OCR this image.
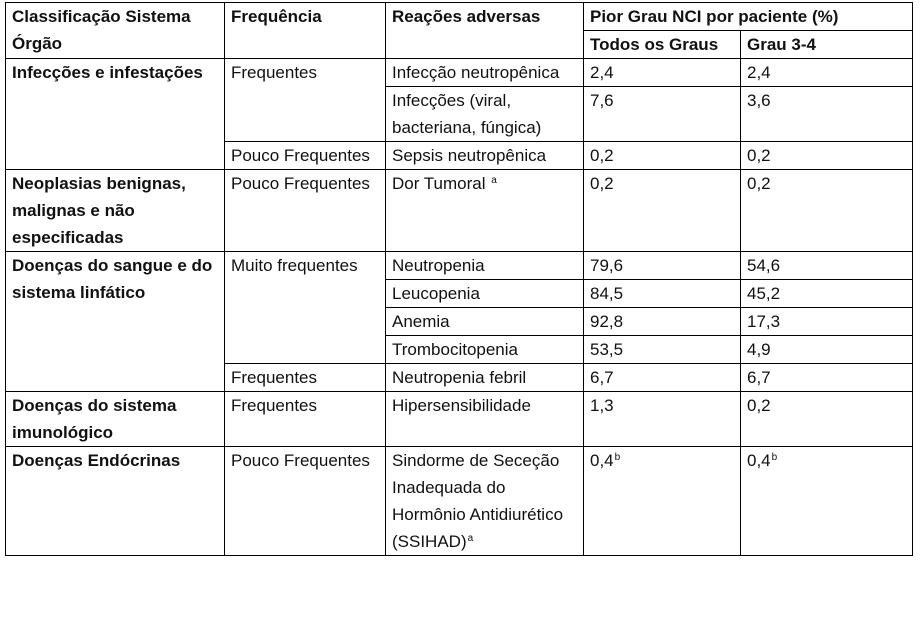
Classificação Sistema Órgão	Frequência	Reações adversas	Pior Grau NCI por paciente (%)	
			Todos os Graus	Grau 3-4
Infecções e infestações	Frequentes	Infecção neutropênica	2,4	2,4
		Infecções (viral, bacteriana, fúngica)	7,6	3,6
	Pouco Frequentes	Sepsis neutropênica	0,2	0,2
Neoplasias benignas, malignas e não especificadas	Pouco Frequentes	Dor Tumoral $^a$	0,2	0,2
Doenças do sangue e do sistema linfático	Muito frequentes	Neutropenia	79,6	54,6
		Leucopenia	84,5	45,2
		Anemia	92,8	17,3
		Trombocitopenia	53,5	4,9
	Frequentes	Neutropenia febril	6,7	6,7
Doenças do sistema imunológico	Frequentes	Hipersensibilidade	1,3	0,2
Doenças Endócrinas	Pouco Frequentes	Sindorme de Seceção Inadequada do Hormônio Antidiurético (SSIHAD)$^a$	0,4$^b$	0,4$^b$
